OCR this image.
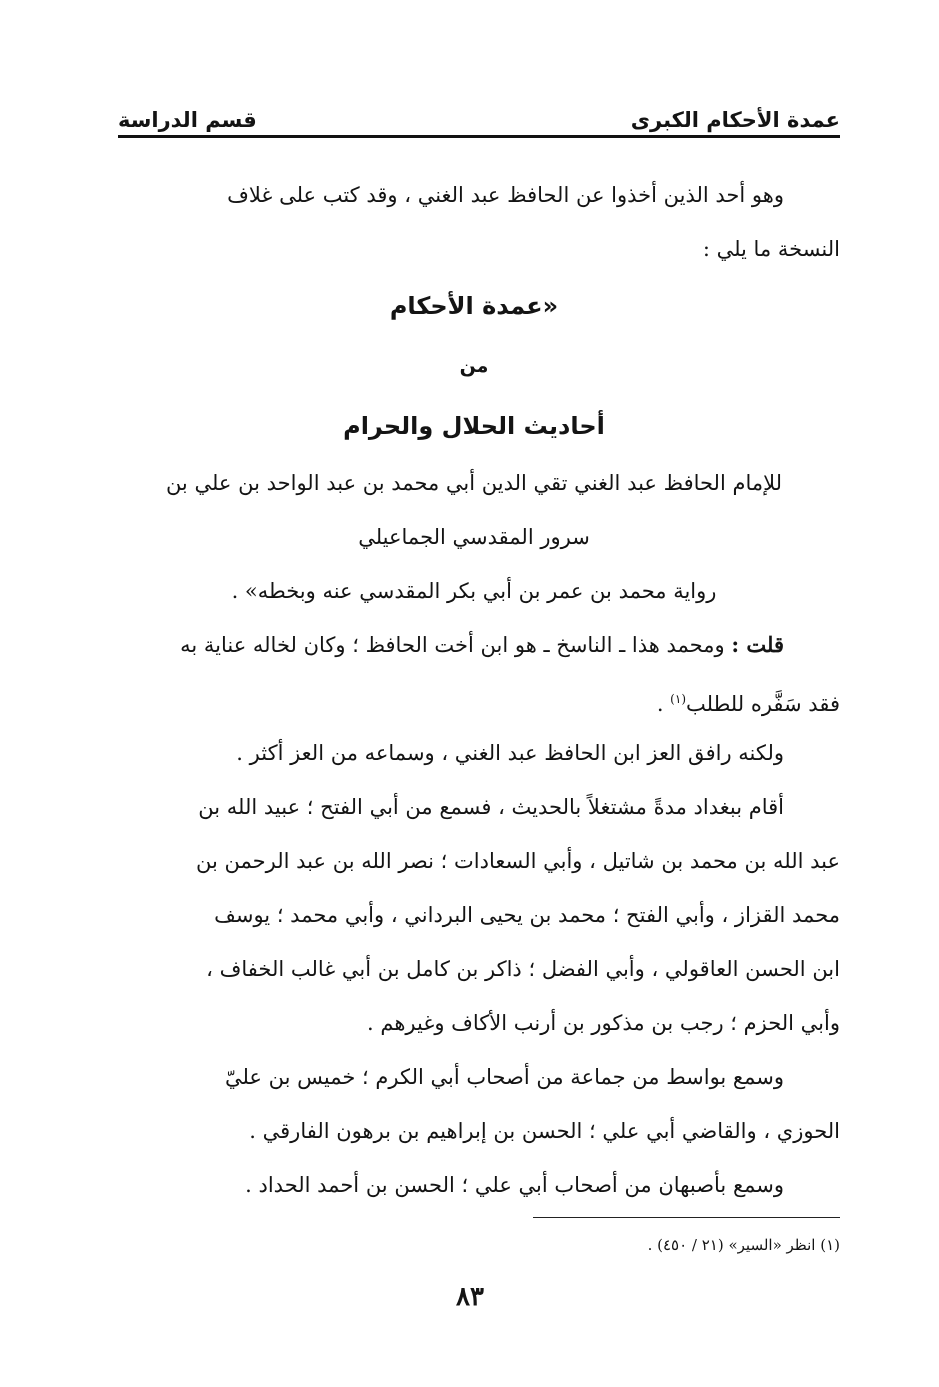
عمدة الأحكام الكبرى
قسم الدراسة
وهو أحد الذين أخذوا عن الحافظ عبد الغني ، وقد كتب على غلاف
النسخة ما يلي :
«عمدة الأحكام
من
أحاديث الحلال والحرام
للإمام الحافظ عبد الغني تقي الدين أبي محمد بن عبد الواحد بن علي بن
سرور المقدسي الجماعيلي
رواية محمد بن عمر بن أبي بكر المقدسي عنه وبخطه» .
قلت : ومحمد هذا ـ الناسخ ـ هو ابن أخت الحافظ ؛ وكان لخاله عناية به
فقد سَفَّره للطلب$^{(١)}$ .
ولكنه رافق العز ابن الحافظ عبد الغني ، وسماعه من العز أكثر .
أقام ببغداد مدةً مشتغلاً بالحديث ، فسمع من أبي الفتح ؛ عبيد الله بن
عبد الله بن محمد بن شاتيل ، وأبي السعادات ؛ نصر الله بن عبد الرحمن بن
محمد القزاز ، وأبي الفتح ؛ محمد بن يحيى البرداني ، وأبي محمد ؛ يوسف
ابن الحسن العاقولي ، وأبي الفضل ؛ ذاكر بن كامل بن أبي غالب الخفاف ،
وأبي الحزم ؛ رجب بن مذكور بن أرنب الأكاف وغيرهم .
وسمع بواسط من جماعة من أصحاب أبي الكرم ؛ خميس بن عليّ
الحوزي ، والقاضي أبي علي ؛ الحسن بن إبراهيم بن برهون الفارقي .
وسمع بأصبهان من أصحاب أبي علي ؛ الحسن بن أحمد الحداد .
(١) انظر «السير» (٢١ / ٤٥٠) .
٨٣
